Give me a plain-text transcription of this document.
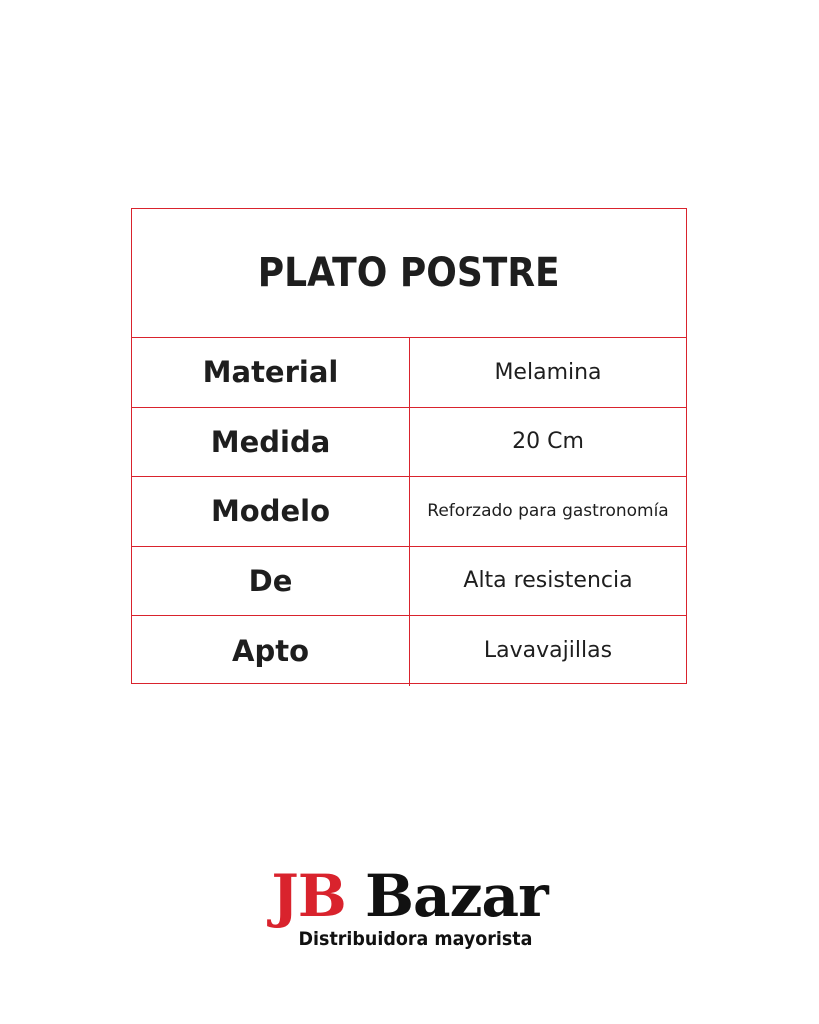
PLATO POSTRE
Material	Melamina
Medida	20 Cm
Modelo	Reforzado para gastronomía
De	Alta resistencia
Apto	Lavavajillas
JB Bazar
Distribuidora mayorista
